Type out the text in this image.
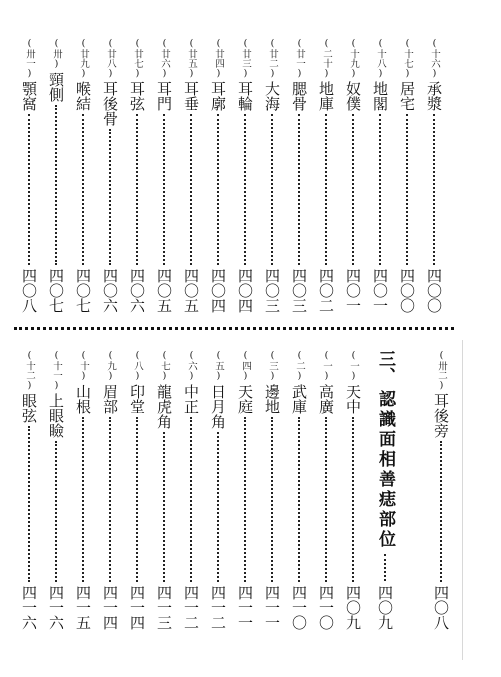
(卅一)
顎窩
四〇八
(卅)
頸側
四〇七
(廿九)
喉結
四〇七
(廿八)
耳後骨
四〇六
(廿七)
耳弦
四〇六
(廿六)
耳門
四〇五
(廿五)
耳垂
四〇五
(廿四)
耳廓
四〇四
(廿三)
耳輪
四〇四
(廿二)
大海
四〇三
(廿一)
腮骨
四〇三
(二十)
地庫
四〇二
(十九)
奴僕
四〇一
(十八)
地閣
四〇一
(十七)
居宅
四〇〇
(十六)
承漿
四〇〇
(卅二)
耳後旁
四〇八
三、
認識面相善痣部位
四〇九
(十二)
眼弦
四一六
(十一)
上眼瞼
四一六
(十)
山根
四一五
(九)
眉部
四一四
(八)
印堂
四一四
(七)
龍虎角
四一三
(六)
中正
四一二
(五)
日月角
四一二
(四)
天庭
四一一
(三)
邊地
四一一
(二)
武庫
四一〇
(一)
高廣
四一〇
(一)
天中
四〇九
